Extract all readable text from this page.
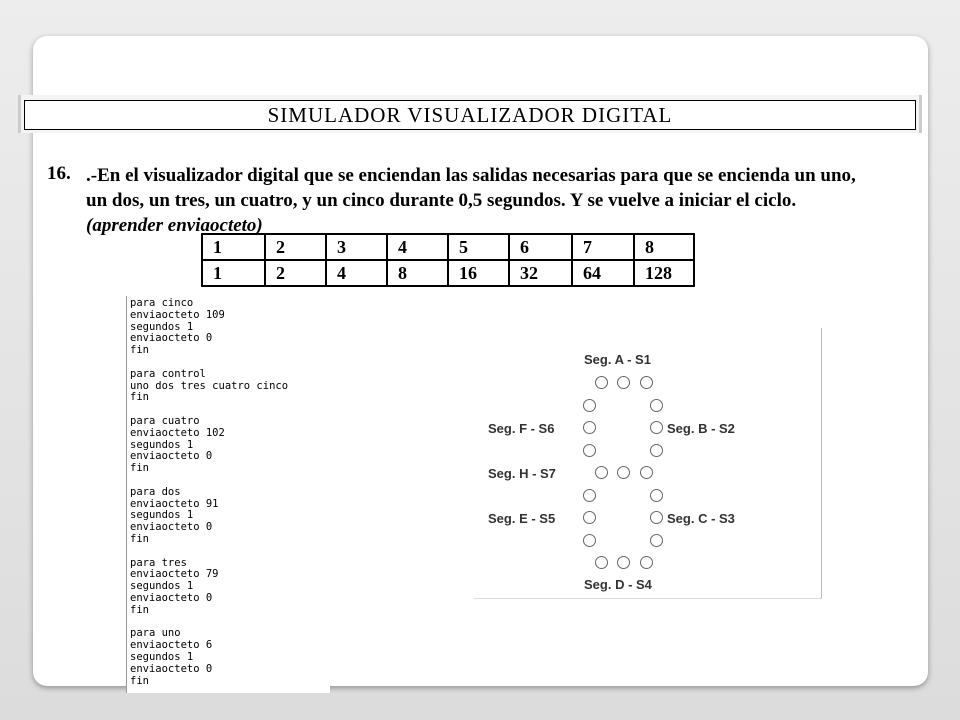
SIMULADOR VISUALIZADOR DIGITAL
16. .-En el visualizador digital que se enciendan las salidas necesarias para que se encienda un uno, un dos, un tres, un cuatro, y un cinco durante 0,5 segundos. Y se vuelve a iniciar el ciclo. (aprender enviaocteto)
1	2	3	4	5	6	7	8
1	2	4	8	16	32	64	128
para cinco
enviaocteto 109
segundos 1
enviaocteto 0
fin
para control
uno dos tres cuatro cinco
fin
para cuatro
enviaocteto 102
segundos 1
enviaocteto 0
fin
para dos
enviaocteto 91
segundos 1
enviaocteto 0
fin
para tres
enviaocteto 79
segundos 1
enviaocteto 0
fin
para uno
enviaocteto 6
segundos 1
enviaocteto 0
fin
Seg. A - S1
Seg. B - S2
Seg. C - S3
Seg. D - S4
Seg. E - S5
Seg. F - S6
Seg. H - S7
